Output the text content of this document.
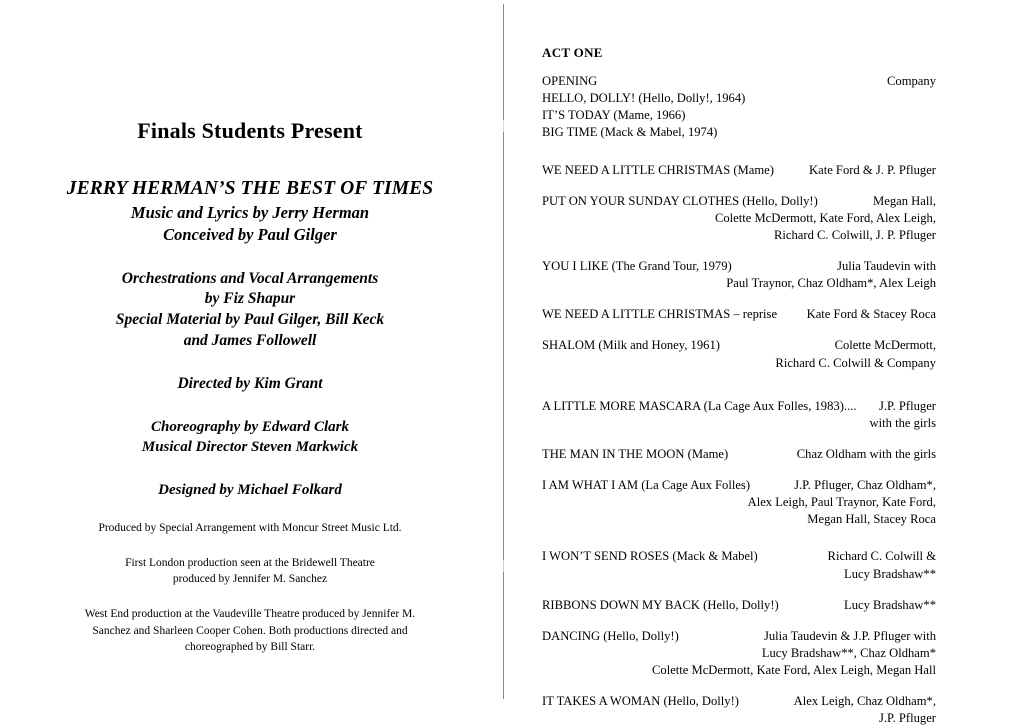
Finals Students Present
JERRY HERMAN’S THE BEST OF TIMES
Music and Lyrics by Jerry Herman
Conceived by Paul Gilger
Orchestrations and Vocal Arrangements
by Fiz Shapur
Special Material by Paul Gilger, Bill Keck
and James Followell
Directed by Kim Grant
Choreography by Edward Clark
Musical Director Steven Markwick
Designed by Michael Folkard
Produced by Special Arrangement with Moncur Street Music Ltd.
First London production seen at the Bridewell Theatre
produced by Jennifer M. Sanchez
West End production at the Vaudeville Theatre produced by Jennifer M.
Sanchez and Sharleen Cooper Cohen. Both productions directed and
choreographed by Bill Starr.
ACT ONE
OPENING	Company
HELLO, DOLLY! (Hello, Dolly!, 1964)
IT’S TODAY (Mame, 1966)
BIG TIME (Mack & Mabel, 1974)
WE NEED A LITTLE CHRISTMAS (Mame)	Kate Ford & J. P. Pfluger
PUT ON YOUR SUNDAY CLOTHES (Hello, Dolly!)	Megan Hall,
Colette McDermott, Kate Ford, Alex Leigh,
Richard C. Colwill, J. P. Pfluger
YOU I LIKE (The Grand Tour, 1979)	Julia Taudevin with
Paul Traynor, Chaz Oldham*, Alex Leigh
WE NEED A LITTLE CHRISTMAS – reprise Kate Ford & Stacey Roca
SHALOM (Milk and Honey, 1961)	Colette McDermott,
Richard C. Colwill & Company
A LITTLE MORE MASCARA (La Cage Aux Folles, 1983).... J.P. Pfluger
with the girls
THE MAN IN THE MOON (Mame)	Chaz Oldham with the girls
I AM WHAT I AM (La Cage Aux Folles)	J.P. Pfluger, Chaz Oldham*,
Alex Leigh, Paul Traynor, Kate Ford,
Megan Hall, Stacey Roca
I WON’T SEND ROSES (Mack & Mabel)	Richard C. Colwill &
Lucy Bradshaw**
RIBBONS DOWN MY BACK (Hello, Dolly!)	Lucy Bradshaw**
DANCING (Hello, Dolly!)	Julia Taudevin & J.P. Pfluger with
Lucy Bradshaw**, Chaz Oldham*
Colette McDermott, Kate Ford, Alex Leigh, Megan Hall
IT TAKES A WOMAN (Hello, Dolly!)	Alex Leigh, Chaz Oldham*,
J.P. Pfluger
